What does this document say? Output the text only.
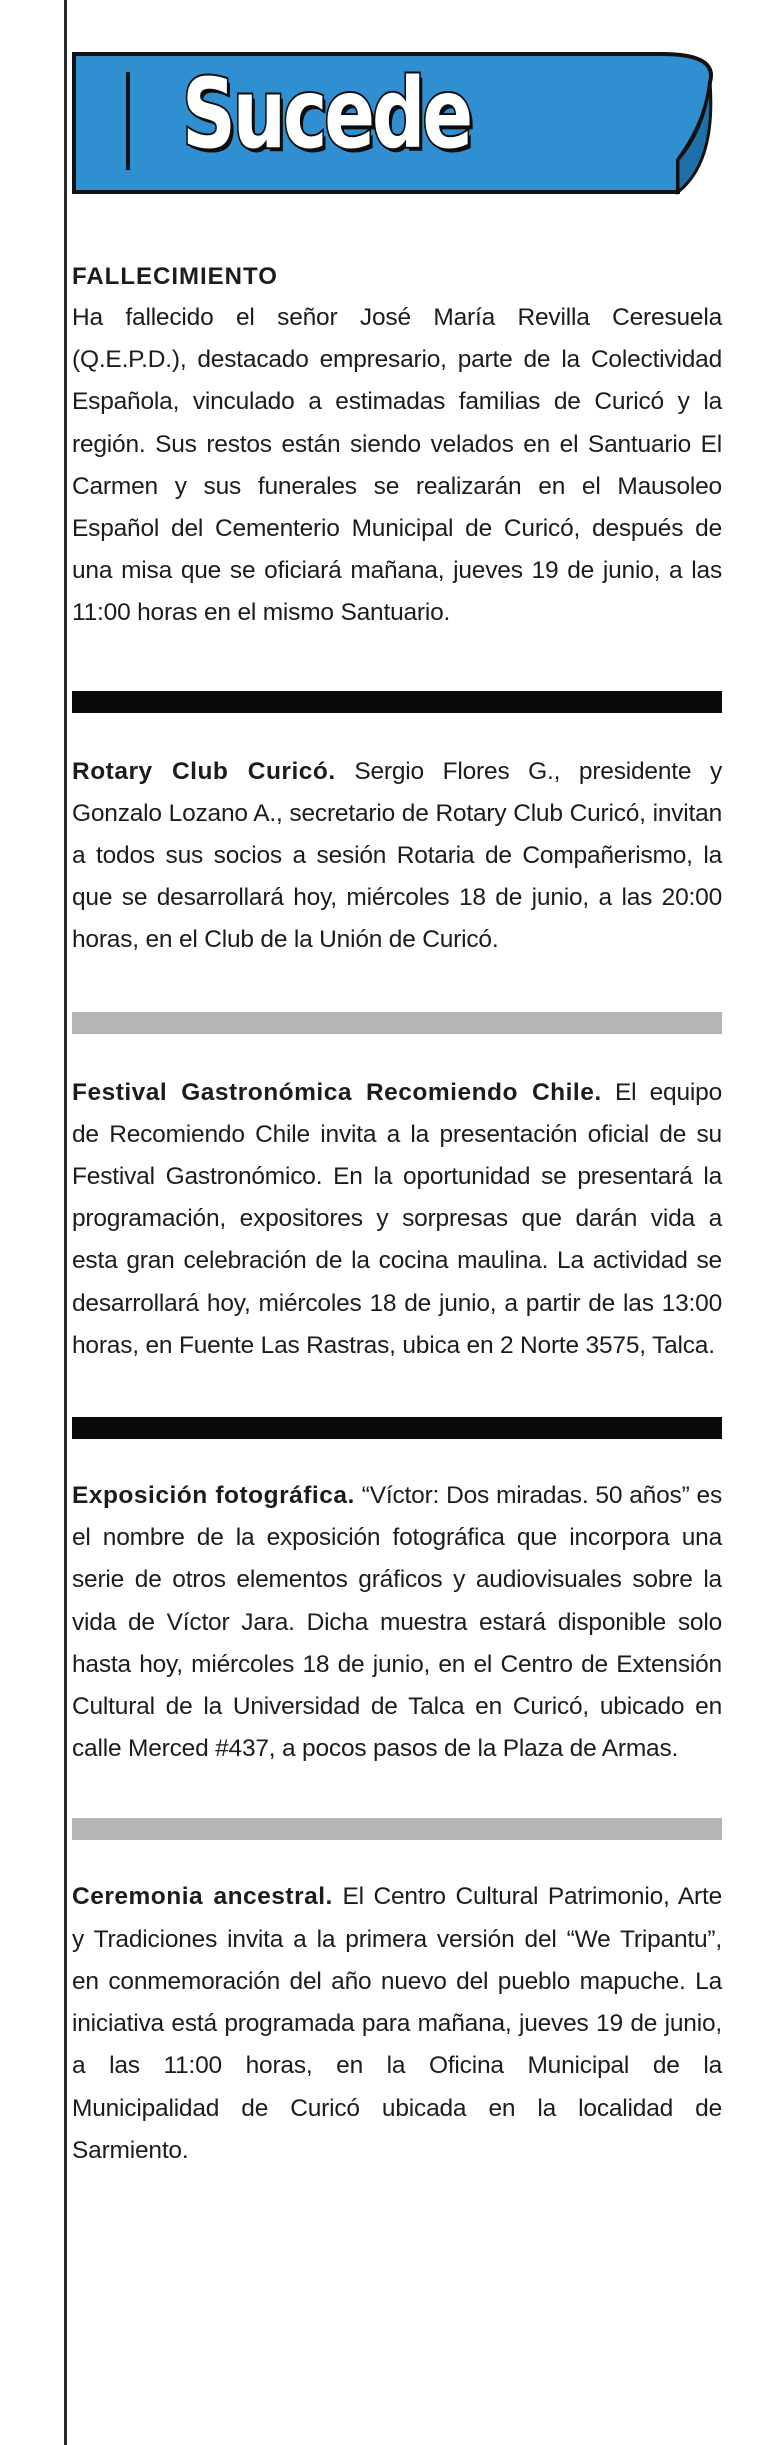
Sucede
FALLECIMIENTO
Ha fallecido el señor José María Revilla Ceresuela (Q.E.P.D.), destacado empresario, parte de la Colectividad Española, vinculado a estimadas familias de Curicó y la región. Sus restos están siendo velados en el Santuario El Carmen y sus funerales se realizarán en el Mausoleo Español del Cementerio Municipal de Curicó, después de una misa que se oficiará mañana, jueves 19 de junio, a las 11:00 horas en el mismo Santuario.
Rotary Club Curicó. Sergio Flores G., presidente y Gonzalo Lozano A., secretario de Rotary Club Curicó, invitan a todos sus socios a sesión Rotaria de Compañerismo, la que se desarrollará hoy, miércoles 18 de junio, a las 20:00 horas, en el Club de la Unión de Curicó.
Festival Gastronómica Recomiendo Chile. El equipo de Recomiendo Chile invita a la presentación oficial de su Festival Gastronómico. En la oportunidad se presentará la programación, expositores y sorpresas que darán vida a esta gran celebración de la cocina maulina. La actividad se desarrollará hoy, miércoles 18 de junio, a partir de las 13:00 horas, en Fuente Las Rastras, ubica en 2 Norte 3575, Talca.
Exposición fotográfica. “Víctor: Dos miradas. 50 años” es el nombre de la exposición fotográfica que incorpora una serie de otros elementos gráficos y audiovisuales sobre la vida de Víctor Jara. Dicha muestra estará disponible solo hasta hoy, miércoles 18 de junio, en el Centro de Extensión Cultural de la Universidad de Talca en Curicó, ubicado en calle Merced #437, a pocos pasos de la Plaza de Armas.
Ceremonia ancestral. El Centro Cultural Patrimonio, Arte y Tradiciones invita a la primera versión del “We Tripantu”, en conmemoración del año nuevo del pueblo mapuche. La iniciativa está programada para mañana, jueves 19 de junio, a las 11:00 horas, en la Oficina Municipal de la Municipalidad de Curicó ubicada en la localidad de Sarmiento.
